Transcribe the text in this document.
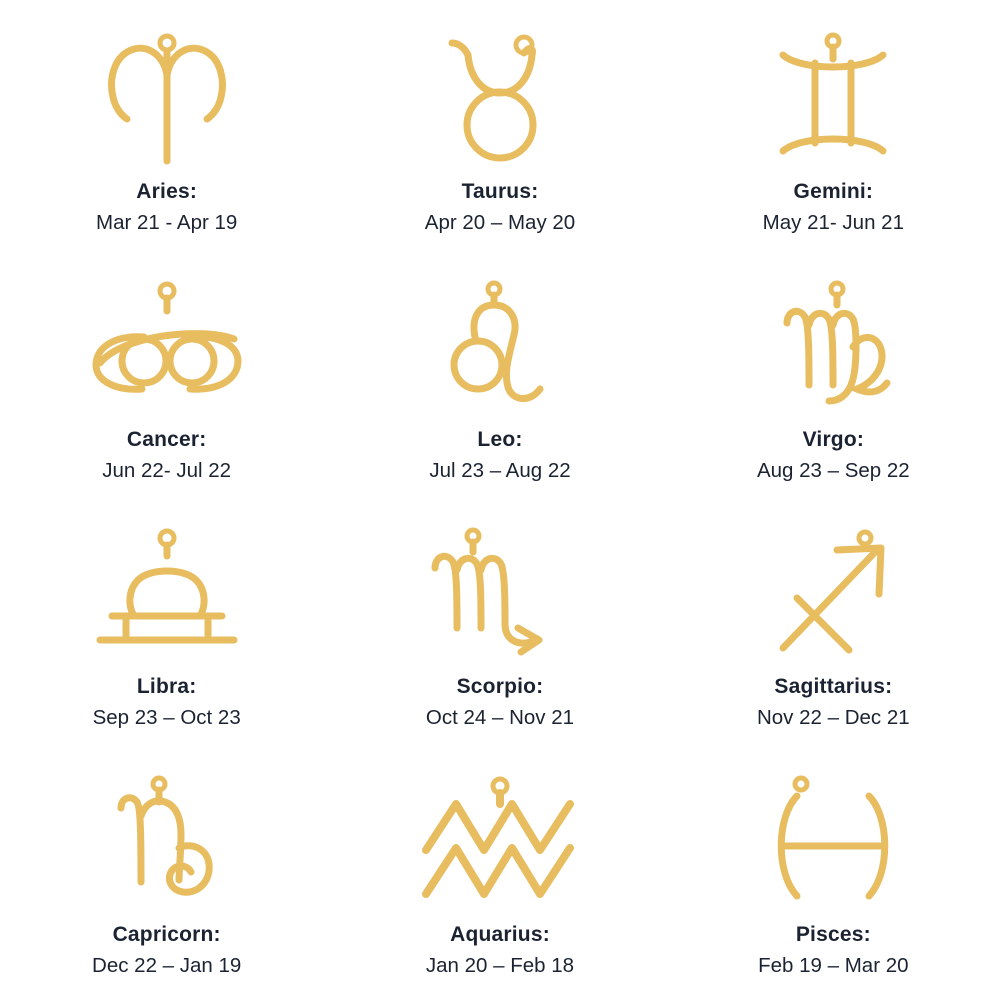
Aries:
Mar 21 - Apr 19
Taurus:
Apr 20 – May 20
Gemini:
May 21- Jun 21
Cancer:
Jun 22- Jul 22
Leo:
Jul 23 – Aug 22
Virgo:
Aug 23 – Sep 22
Libra:
Sep 23 – Oct 23
Scorpio:
Oct 24 – Nov 21
Sagittarius:
Nov 22 – Dec 21
Capricorn:
Dec 22 – Jan 19
Aquarius:
Jan 20 – Feb 18
Pisces:
Feb 19 – Mar 20
